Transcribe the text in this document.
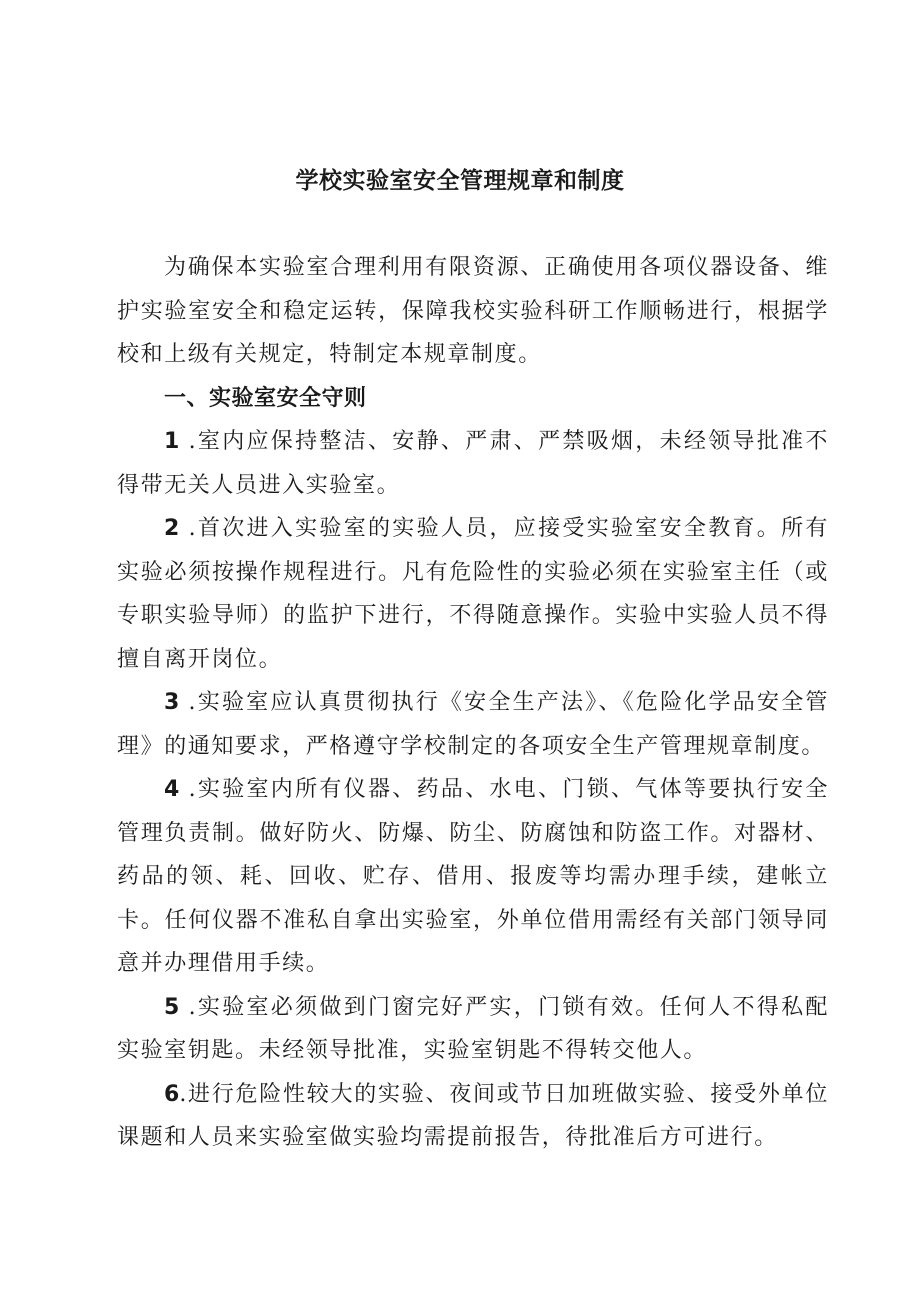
学校实验室安全管理规章和制度

为确保本实验室合理利用有限资源、正确使用各项仪器设备、维护实验室安全和稳定运转，保障我校实验科研工作顺畅进行，根据学校和上级有关规定，特制定本规章制度。

一、实验室安全守则

1 .室内应保持整洁、安静、严肃、严禁吸烟，未经领导批准不得带无关人员进入实验室。

2 .首次进入实验室的实验人员，应接受实验室安全教育。所有实验必须按操作规程进行。凡有危险性的实验必须在实验室主任（或专职实验导师）的监护下进行，不得随意操作。实验中实验人员不得擅自离开岗位。

3 .实验室应认真贯彻执行《安全生产法》、《危险化学品安全管理》的通知要求，严格遵守学校制定的各项安全生产管理规章制度。

4 .实验室内所有仪器、药品、水电、门锁、气体等要执行安全管理负责制。做好防火、防爆、防尘、防腐蚀和防盗工作。对器材、药品的领、耗、回收、贮存、借用、报废等均需办理手续，建帐立卡。任何仪器不准私自拿出实验室，外单位借用需经有关部门领导同意并办理借用手续。

5 .实验室必须做到门窗完好严实，门锁有效。任何人不得私配实验室钥匙。未经领导批准，实验室钥匙不得转交他人。

6.进行危险性较大的实验、夜间或节日加班做实验、接受外单位课题和人员来实验室做实验均需提前报告，待批准后方可进行。
